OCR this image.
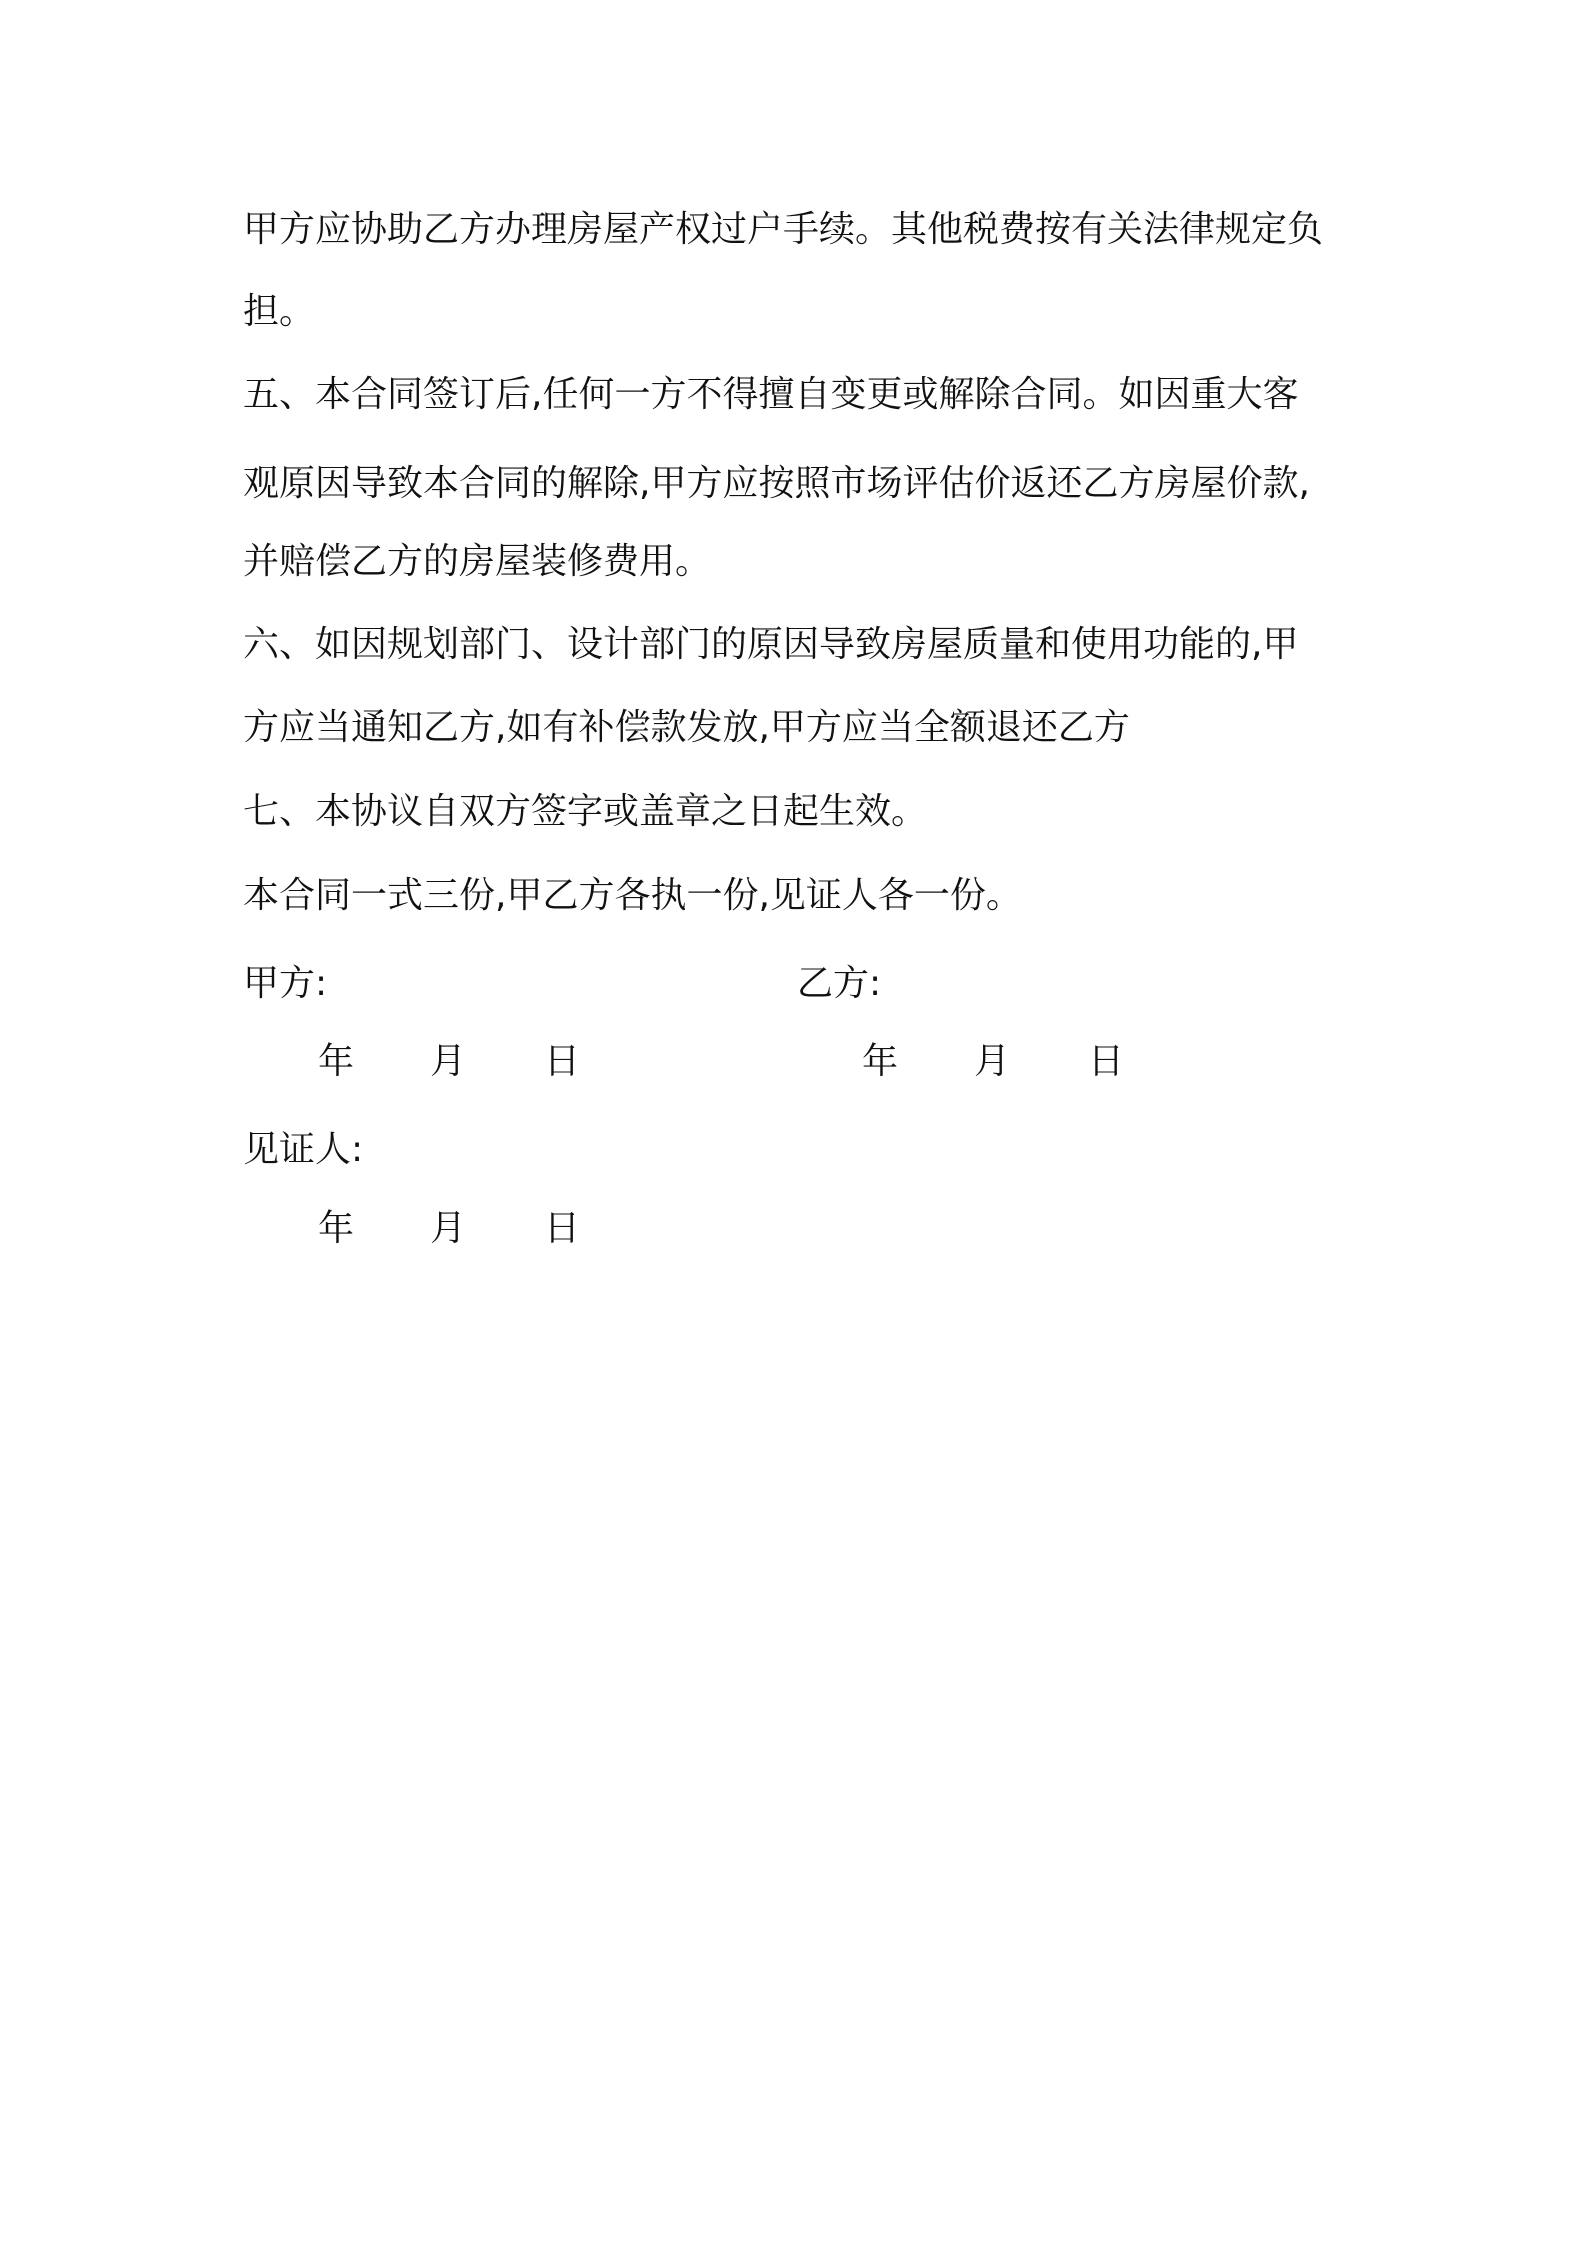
甲方应协助乙方办理房屋产权过户手续。其他税费按有关法律规定负
担。
五、本合同签订后,任何一方不得擅自变更或解除合同。如因重大客
观原因导致本合同的解除,甲方应按照市场评估价返还乙方房屋价款,
并赔偿乙方的房屋装修费用。
六、如因规划部门、设计部门的原因导致房屋质量和使用功能的,甲
方应当通知乙方,如有补偿款发放,甲方应当全额退还乙方
七、本协议自双方签字或盖章之日起生效。
本合同一式三份,甲乙方各执一份,见证人各一份。
甲方:	乙方:
年 月 日	年 月 日
见证人:
年 月 日
